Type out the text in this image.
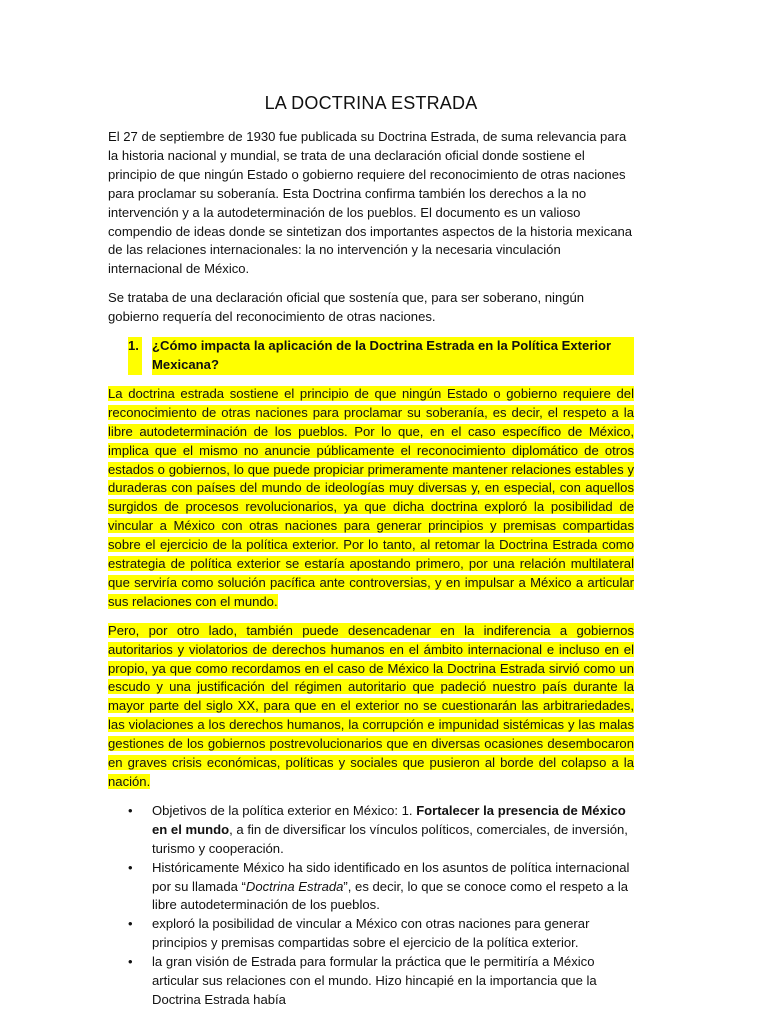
LA DOCTRINA ESTRADA

El 27 de septiembre de 1930 fue publicada su Doctrina Estrada, de suma relevancia para la historia nacional y mundial, se trata de una declaración oficial donde sostiene el principio de que ningún Estado o gobierno requiere del reconocimiento de otras naciones para proclamar su soberanía. Esta Doctrina confirma también los derechos a la no intervención y a la autodeterminación de los pueblos. El documento es un valioso compendio de ideas donde se sintetizan dos importantes aspectos de la historia mexicana de las relaciones internacionales: la no intervención y la necesaria vinculación internacional de México.

Se trataba de una declaración oficial que sostenía que, para ser soberano, ningún gobierno requería del reconocimiento de otras naciones.

1. ¿Cómo impacta la aplicación de la Doctrina Estrada en la Política Exterior Mexicana?

La doctrina estrada sostiene el principio de que ningún Estado o gobierno requiere del reconocimiento de otras naciones para proclamar su soberanía, es decir, el respeto a la libre autodeterminación de los pueblos. Por lo que, en el caso específico de México, implica que el mismo no anuncie públicamente el reconocimiento diplomático de otros estados o gobiernos, lo que puede propiciar primeramente mantener relaciones estables y duraderas con países del mundo de ideologías muy diversas y, en especial, con aquellos surgidos de procesos revolucionarios, ya que dicha doctrina exploró la posibilidad de vincular a México con otras naciones para generar principios y premisas compartidas sobre el ejercicio de la política exterior. Por lo tanto, al retomar la Doctrina Estrada como estrategia de política exterior se estaría apostando primero, por una relación multilateral que serviría como solución pacífica ante controversias, y en impulsar a México a articular sus relaciones con el mundo.

Pero, por otro lado, también puede desencadenar en la indiferencia a gobiernos autoritarios y violatorios de derechos humanos en el ámbito internacional e incluso en el propio, ya que como recordamos en el caso de México la Doctrina Estrada sirvió como un escudo y una justificación del régimen autoritario que padeció nuestro país durante la mayor parte del siglo XX, para que en el exterior no se cuestionarán las arbitrariedades, las violaciones a los derechos humanos, la corrupción e impunidad sistémicas y las malas gestiones de los gobiernos postrevolucionarios que en diversas ocasiones desembocaron en graves crisis económicas, políticas y sociales que pusieron al borde del colapso a la nación.

• Objetivos de la política exterior en México: 1. Fortalecer la presencia de México en el mundo, a fin de diversificar los vínculos políticos, comerciales, de inversión, turismo y cooperación.
• Históricamente México ha sido identificado en los asuntos de política internacional por su llamada “Doctrina Estrada”, es decir, lo que se conoce como el respeto a la libre autodeterminación de los pueblos.
• exploró la posibilidad de vincular a México con otras naciones para generar principios y premisas compartidas sobre el ejercicio de la política exterior.
• la gran visión de Estrada para formular la práctica que le permitiría a México articular sus relaciones con el mundo. Hizo hincapié en la importancia que la Doctrina Estrada había
